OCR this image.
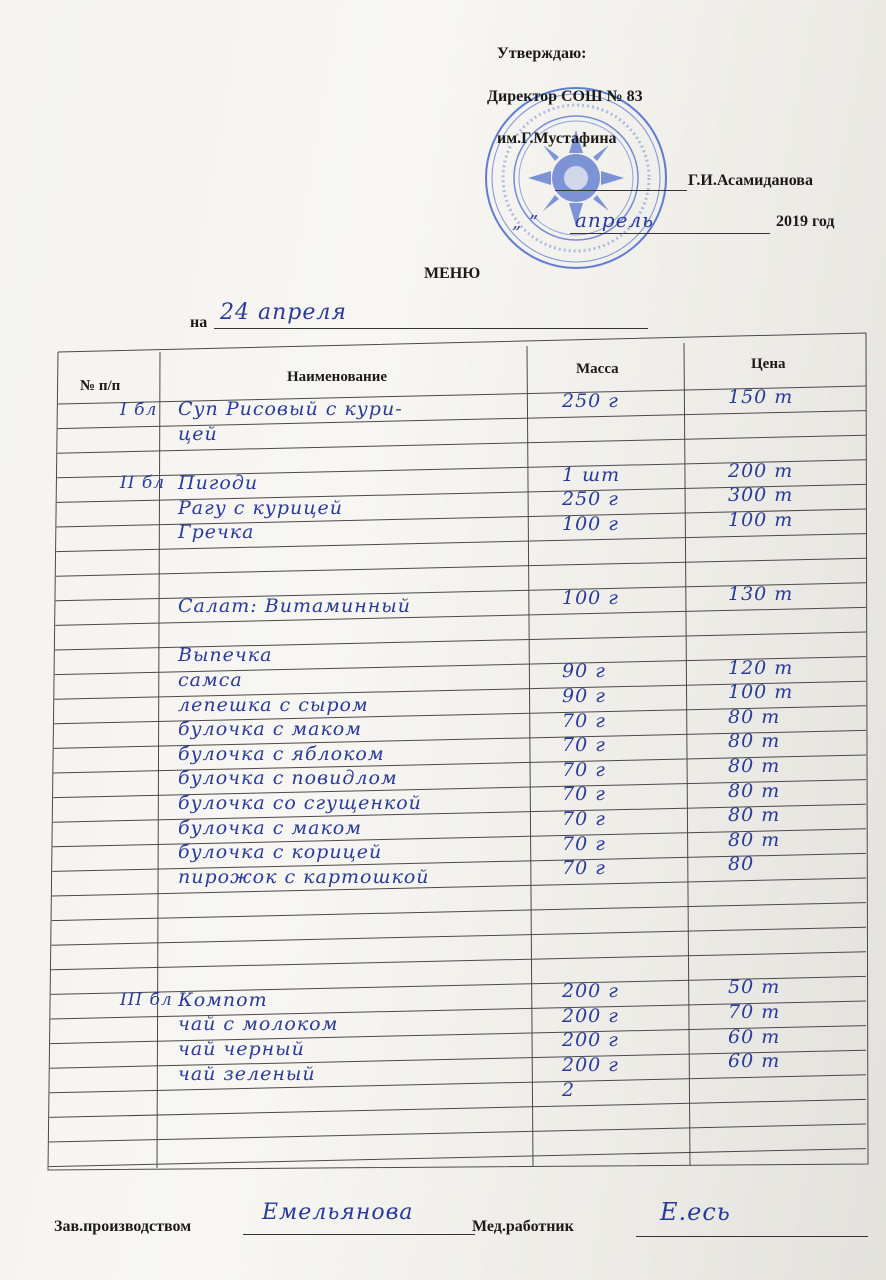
Утверждаю:
Директор СОШ № 83
им.Г.Мустафина
Г.И.Асамиданова
„ ” апрель	2019 год
МЕНЮ
на 24 апреля
№ п/п
Наименование	Масса	Цена
I бл Суп Рисовый с кури-	250 г	150 т
цей
II бл Пигоди	1 шт	200 т
Рагу с курицей	250 г	300 т
Гречка	100 г	100 т
Салат: Витаминный	100 г	130 т
Выпечка
самса	90 г	120 т
лепешка с сыром	90 г	100 т
булочка с маком	70 г	80 т
булочка с яблоком	70 г	80 т
булочка с повидлом	70 г	80 т
булочка со сгущенкой	70 г	80 т
булочка с маком	70 г	80 т
булочка с корицей	70 г	80 т
пирожок с картошкой	70 г	80
III бл Компот	200 г	50 т
чай с молоком	200 г	70 т
чай черный	200 г	60 т
чай зеленый	200 г	60 т
2
Зав.производством
Емельянова
Мед.работник
Е.есь
